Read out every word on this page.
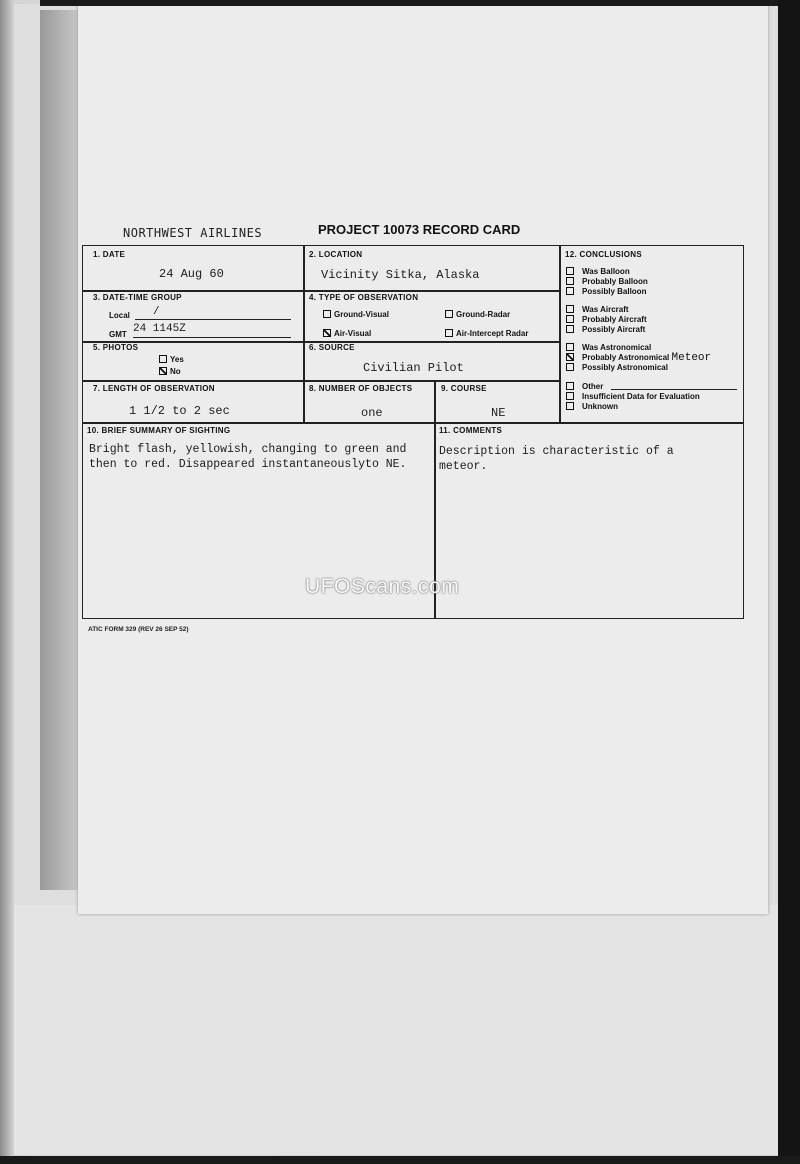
NORTHWEST AIRLINES	PROJECT 10073 RECORD CARD
1. DATE
24 Aug 60
2. LOCATION
Vicinity Sitka, Alaska
3. DATE-TIME GROUP
Local /
GMT 24 1145Z
4. TYPE OF OBSERVATION
Ground-Visual	Ground-Radar
Air-Visual	Air-Intercept Radar
5. PHOTOS
Yes
No
6. SOURCE
Civilian Pilot
7. LENGTH OF OBSERVATION
1 1/2 to 2 sec
8. NUMBER OF OBJECTS
one
9. COURSE
NE
10. BRIEF SUMMARY OF SIGHTING
Bright flash, yellowish, changing to green and
then to red. Disappeared instantaneouslyto NE.
11. COMMENTS
Description is characteristic of a
meteor.
12. CONCLUSIONS
Was Balloon
Probably Balloon
Possibly Balloon
Was Aircraft
Probably Aircraft
Possibly Aircraft
Was Astronomical
Probably Astronomical Meteor
Possibly Astronomical
Other
Insufficient Data for Evaluation
Unknown
ATIC FORM 329 (REV 26 SEP 52)
UFOScans.com
